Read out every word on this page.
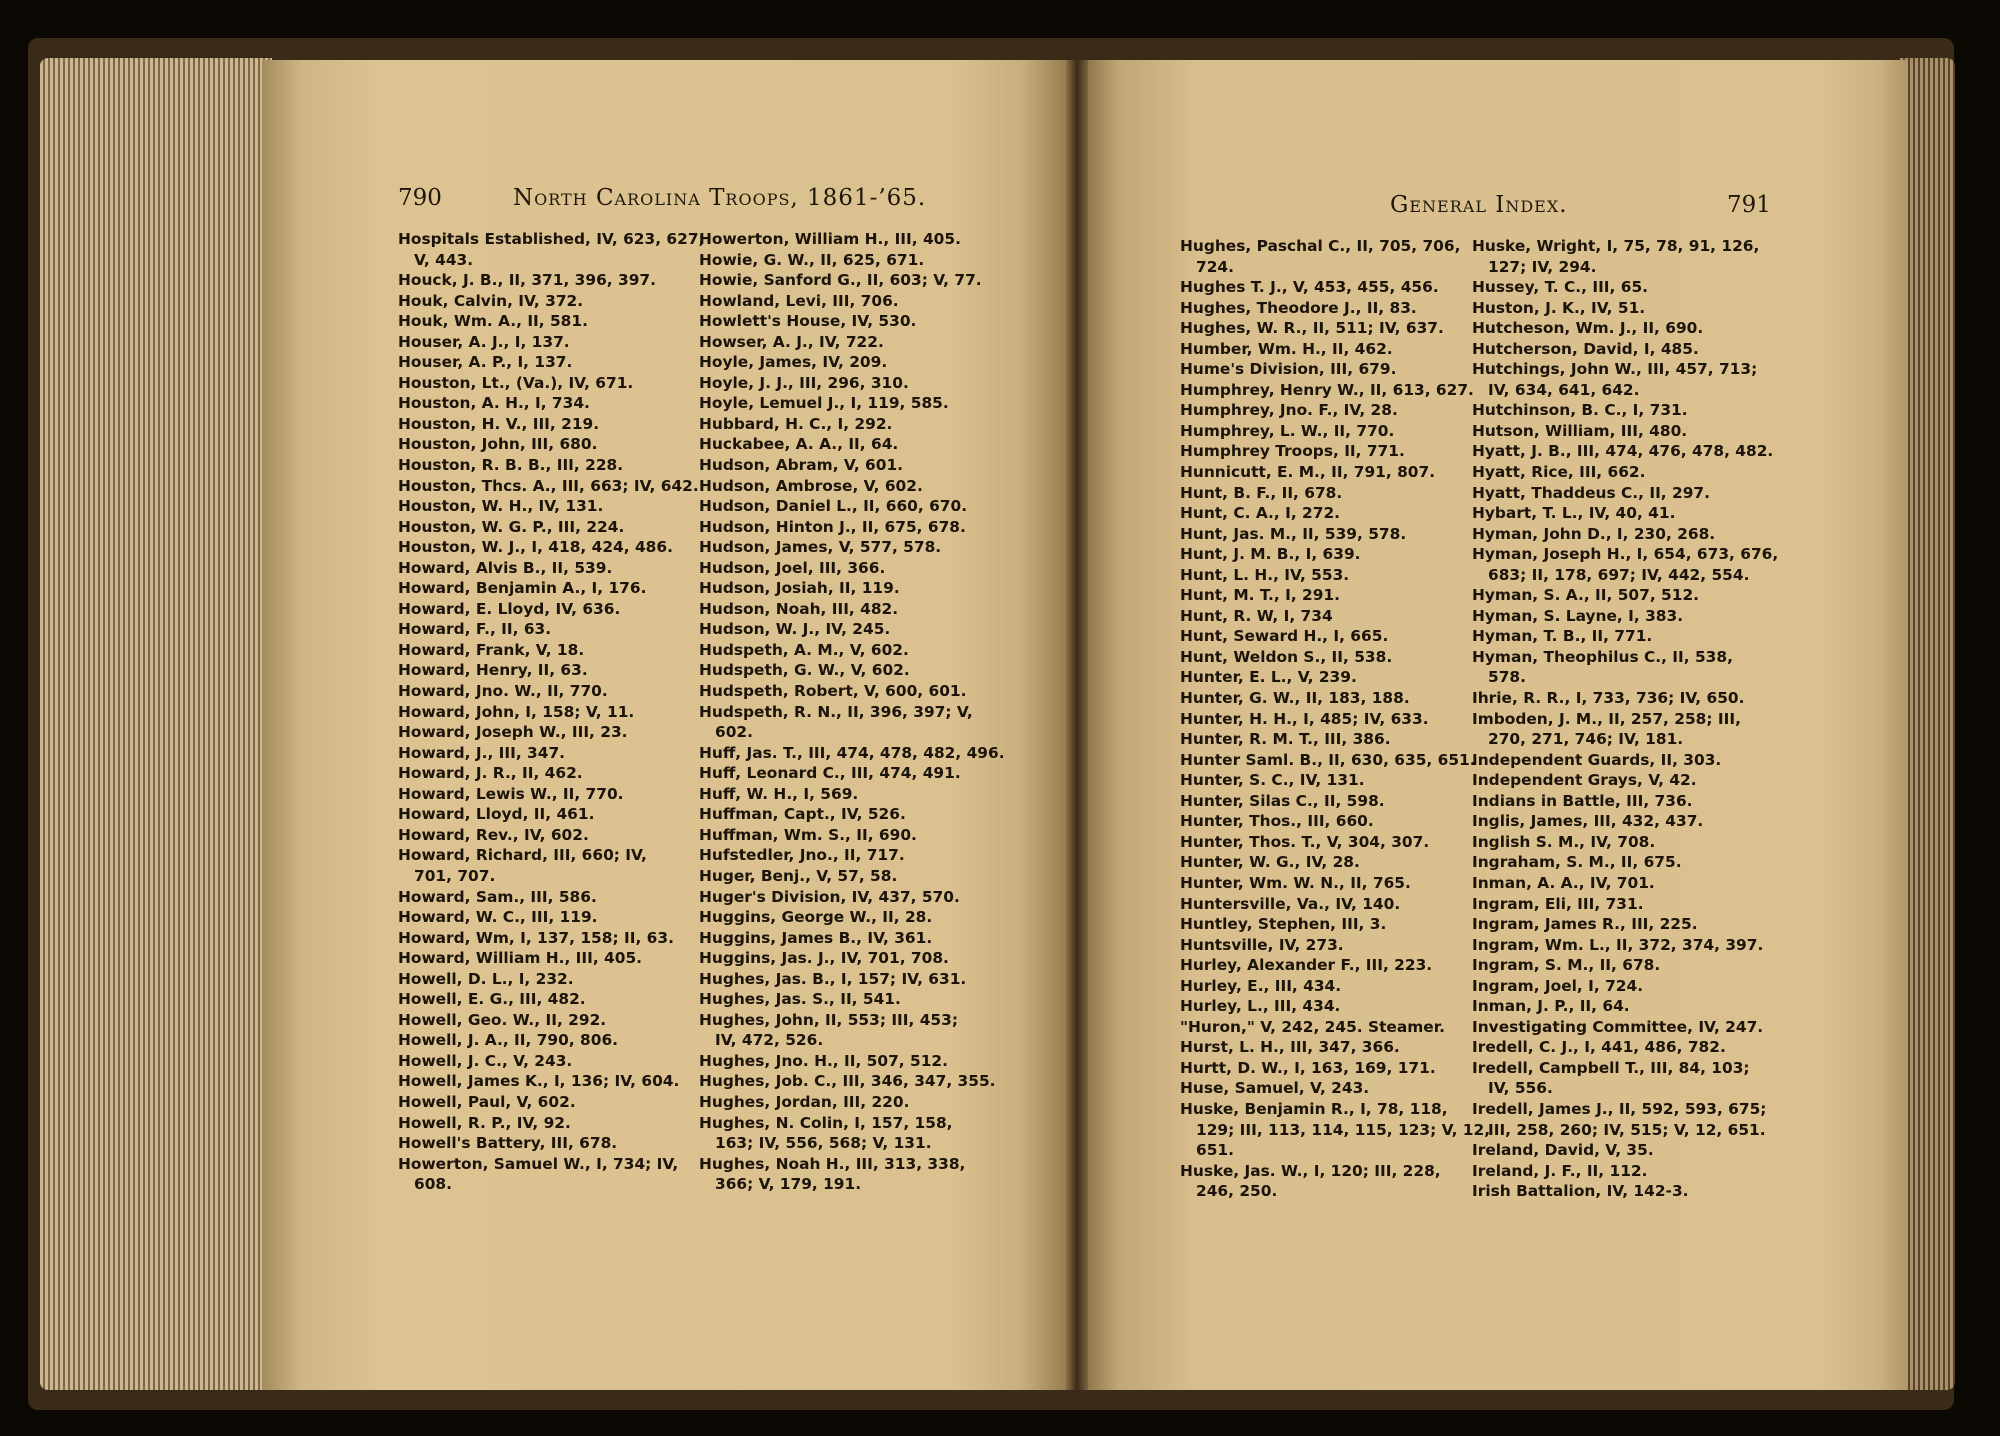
790	North Carolina Troops, 1861-’65.	General Index.	791
Hospitals Established, IV, 623, 627;
V, 443.
Houck, J. B., II, 371, 396, 397.
Houk, Calvin, IV, 372.
Houk, Wm. A., II, 581.
Houser, A. J., I, 137.
Houser, A. P., I, 137.
Houston, Lt., (Va.), IV, 671.
Houston, A. H., I, 734.
Houston, H. V., III, 219.
Houston, John, III, 680.
Houston, R. B. B., III, 228.
Houston, Thcs. A., III, 663; IV, 642.
Houston, W. H., IV, 131.
Houston, W. G. P., III, 224.
Houston, W. J., I, 418, 424, 486.
Howard, Alvis B., II, 539.
Howard, Benjamin A., I, 176.
Howard, E. Lloyd, IV, 636.
Howard, F., II, 63.
Howard, Frank, V, 18.
Howard, Henry, II, 63.
Howard, Jno. W., II, 770.
Howard, John, I, 158; V, 11.
Howard, Joseph W., III, 23.
Howard, J., III, 347.
Howard, J. R., II, 462.
Howard, Lewis W., II, 770.
Howard, Lloyd, II, 461.
Howard, Rev., IV, 602.
Howard, Richard, III, 660; IV,
701, 707.
Howard, Sam., III, 586.
Howard, W. C., III, 119.
Howard, Wm, I, 137, 158; II, 63.
Howard, William H., III, 405.
Howell, D. L., I, 232.
Howell, E. G., III, 482.
Howell, Geo. W., II, 292.
Howell, J. A., II, 790, 806.
Howell, J. C., V, 243.
Howell, James K., I, 136; IV, 604.
Howell, Paul, V, 602.
Howell, R. P., IV, 92.
Howell's Battery, III, 678.
Howerton, Samuel W., I, 734; IV,
608.
Howerton, William H., III, 405.
Howie, G. W., II, 625, 671.
Howie, Sanford G., II, 603; V, 77.
Howland, Levi, III, 706.
Howlett's House, IV, 530.
Howser, A. J., IV, 722.
Hoyle, James, IV, 209.
Hoyle, J. J., III, 296, 310.
Hoyle, Lemuel J., I, 119, 585.
Hubbard, H. C., I, 292.
Huckabee, A. A., II, 64.
Hudson, Abram, V, 601.
Hudson, Ambrose, V, 602.
Hudson, Daniel L., II, 660, 670.
Hudson, Hinton J., II, 675, 678.
Hudson, James, V, 577, 578.
Hudson, Joel, III, 366.
Hudson, Josiah, II, 119.
Hudson, Noah, III, 482.
Hudson, W. J., IV, 245.
Hudspeth, A. M., V, 602.
Hudspeth, G. W., V, 602.
Hudspeth, Robert, V, 600, 601.
Hudspeth, R. N., II, 396, 397; V,
602.
Huff, Jas. T., III, 474, 478, 482, 496.
Huff, Leonard C., III, 474, 491.
Huff, W. H., I, 569.
Huffman, Capt., IV, 526.
Huffman, Wm. S., II, 690.
Hufstedler, Jno., II, 717.
Huger, Benj., V, 57, 58.
Huger's Division, IV, 437, 570.
Huggins, George W., II, 28.
Huggins, James B., IV, 361.
Huggins, Jas. J., IV, 701, 708.
Hughes, Jas. B., I, 157; IV, 631.
Hughes, Jas. S., II, 541.
Hughes, John, II, 553; III, 453;
IV, 472, 526.
Hughes, Jno. H., II, 507, 512.
Hughes, Job. C., III, 346, 347, 355.
Hughes, Jordan, III, 220.
Hughes, N. Colin, I, 157, 158,
163; IV, 556, 568; V, 131.
Hughes, Noah H., III, 313, 338,
366; V, 179, 191.
Hughes, Paschal C., II, 705, 706,
724.
Hughes T. J., V, 453, 455, 456.
Hughes, Theodore J., II, 83.
Hughes, W. R., II, 511; IV, 637.
Humber, Wm. H., II, 462.
Hume's Division, III, 679.
Humphrey, Henry W., II, 613, 627.
Humphrey, Jno. F., IV, 28.
Humphrey, L. W., II, 770.
Humphrey Troops, II, 771.
Hunnicutt, E. M., II, 791, 807.
Hunt, B. F., II, 678.
Hunt, C. A., I, 272.
Hunt, Jas. M., II, 539, 578.
Hunt, J. M. B., I, 639.
Hunt, L. H., IV, 553.
Hunt, M. T., I, 291.
Hunt, R. W, I, 734
Hunt, Seward H., I, 665.
Hunt, Weldon S., II, 538.
Hunter, E. L., V, 239.
Hunter, G. W., II, 183, 188.
Hunter, H. H., I, 485; IV, 633.
Hunter, R. M. T., III, 386.
Hunter Saml. B., II, 630, 635, 651.
Hunter, S. C., IV, 131.
Hunter, Silas C., II, 598.
Hunter, Thos., III, 660.
Hunter, Thos. T., V, 304, 307.
Hunter, W. G., IV, 28.
Hunter, Wm. W. N., II, 765.
Huntersville, Va., IV, 140.
Huntley, Stephen, III, 3.
Huntsville, IV, 273.
Hurley, Alexander F., III, 223.
Hurley, E., III, 434.
Hurley, L., III, 434.
"Huron," V, 242, 245. Steamer.
Hurst, L. H., III, 347, 366.
Hurtt, D. W., I, 163, 169, 171.
Huse, Samuel, V, 243.
Huske, Benjamin R., I, 78, 118,
129; III, 113, 114, 115, 123; V, 12,
651.
Huske, Jas. W., I, 120; III, 228,
246, 250.
Huske, Wright, I, 75, 78, 91, 126,
127; IV, 294.
Hussey, T. C., III, 65.
Huston, J. K., IV, 51.
Hutcheson, Wm. J., II, 690.
Hutcherson, David, I, 485.
Hutchings, John W., III, 457, 713;
IV, 634, 641, 642.
Hutchinson, B. C., I, 731.
Hutson, William, III, 480.
Hyatt, J. B., III, 474, 476, 478, 482.
Hyatt, Rice, III, 662.
Hyatt, Thaddeus C., II, 297.
Hybart, T. L., IV, 40, 41.
Hyman, John D., I, 230, 268.
Hyman, Joseph H., I, 654, 673, 676,
683; II, 178, 697; IV, 442, 554.
Hyman, S. A., II, 507, 512.
Hyman, S. Layne, I, 383.
Hyman, T. B., II, 771.
Hyman, Theophilus C., II, 538,
578.
Ihrie, R. R., I, 733, 736; IV, 650.
Imboden, J. M., II, 257, 258; III,
270, 271, 746; IV, 181.
Independent Guards, II, 303.
Independent Grays, V, 42.
Indians in Battle, III, 736.
Inglis, James, III, 432, 437.
Inglish S. M., IV, 708.
Ingraham, S. M., II, 675.
Inman, A. A., IV, 701.
Ingram, Eli, III, 731.
Ingram, James R., III, 225.
Ingram, Wm. L., II, 372, 374, 397.
Ingram, S. M., II, 678.
Ingram, Joel, I, 724.
Inman, J. P., II, 64.
Investigating Committee, IV, 247.
Iredell, C. J., I, 441, 486, 782.
Iredell, Campbell T., III, 84, 103;
IV, 556.
Iredell, James J., II, 592, 593, 675;
III, 258, 260; IV, 515; V, 12, 651.
Ireland, David, V, 35.
Ireland, J. F., II, 112.
Irish Battalion, IV, 142-3.
